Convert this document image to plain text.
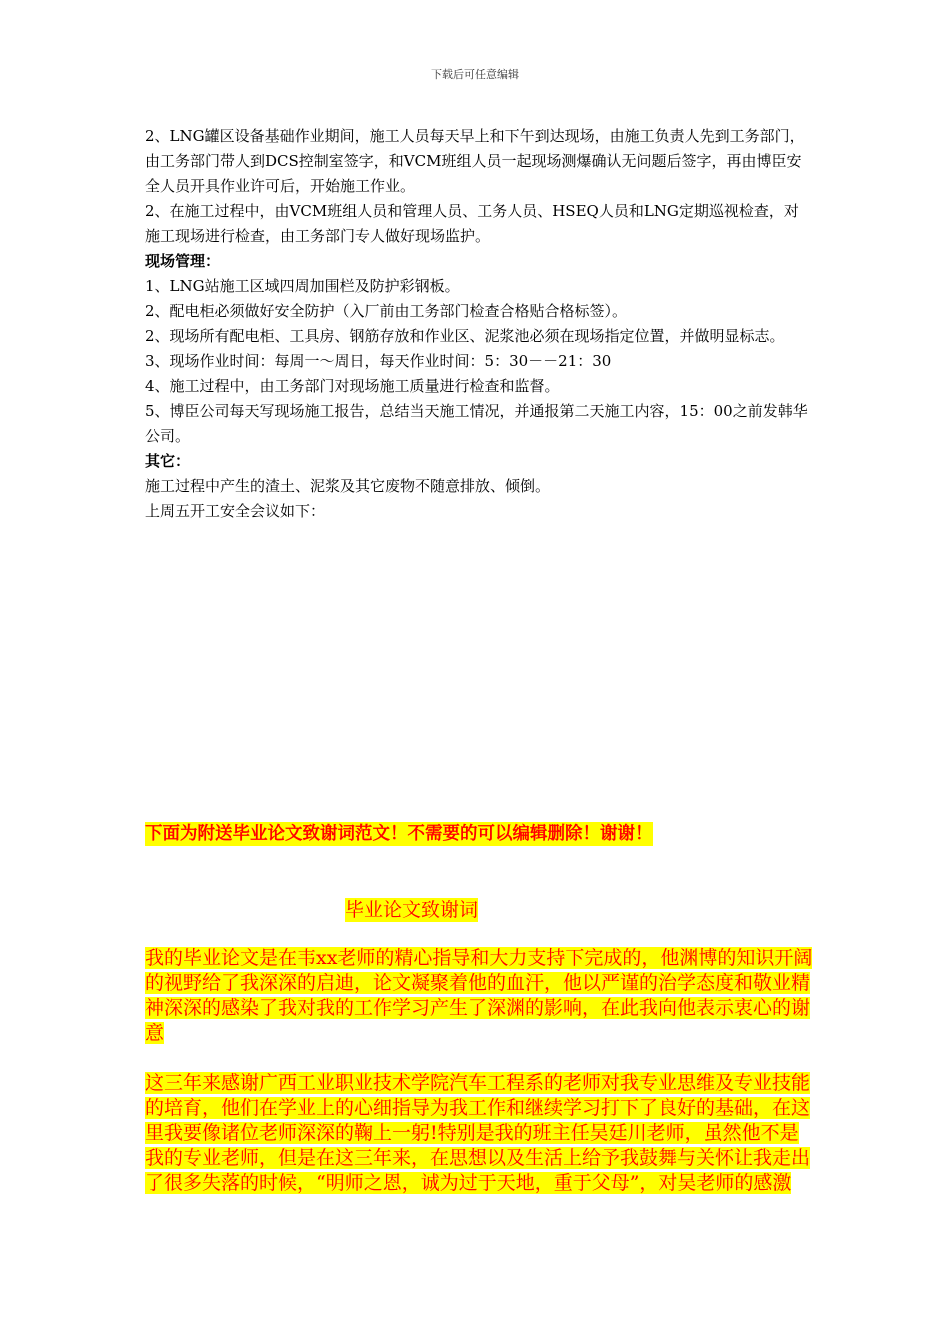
下载后可任意编辑

2、LNG罐区设备基础作业期间，施工人员每天早上和下午到达现场，由施工负责人先到工务部门，由工务部门带人到DCS控制室签字，和VCM班组人员一起现场测爆确认无问题后签字，再由博臣安全人员开具作业许可后，开始施工作业。

2、在施工过程中，由VCM班组人员和管理人员、工务人员、HSEQ人员和LNG定期巡视检查，对施工现场进行检查，由工务部门专人做好现场监护。

现场管理：

1、LNG站施工区域四周加围栏及防护彩钢板。

2、配电柜必须做好安全防护（入厂前由工务部门检查合格贴合格标签）。

2、现场所有配电柜、工具房、钢筋存放和作业区、泥浆池必须在现场指定位置，并做明显标志。

3、现场作业时间：每周一～周日，每天作业时间：5：30－－21：30

4、施工过程中，由工务部门对现场施工质量进行检查和监督。

5、博臣公司每天写现场施工报告，总结当天施工情况，并通报第二天施工内容，15：00之前发韩华公司。

其它：

施工过程中产生的渣土、泥浆及其它废物不随意排放、倾倒。

上周五开工安全会议如下：

下面为附送毕业论文致谢词范文！不需要的可以编辑删除！谢谢！
毕业论文致谢词
我的毕业论文是在韦xx老师的精心指导和大力支持下完成的，他渊博的知识开阔的视野给了我深深的启迪，论文凝聚着他的血汗，他以严谨的治学态度和敬业精神深深的感染了我对我的工作学习产生了深渊的影响，在此我向他表示衷心的谢意
这三年来感谢广西工业职业技术学院汽车工程系的老师对我专业思维及专业技能的培育，他们在学业上的心细指导为我工作和继续学习打下了良好的基础，在这里我要像诸位老师深深的鞠上一躬!特别是我的班主任吴廷川老师，虽然他不是我的专业老师，但是在这三年来，在思想以及生活上给予我鼓舞与关怀让我走出了很多失落的时候，“明师之恩，诚为过于天地，重于父母”，对吴老师的感激
